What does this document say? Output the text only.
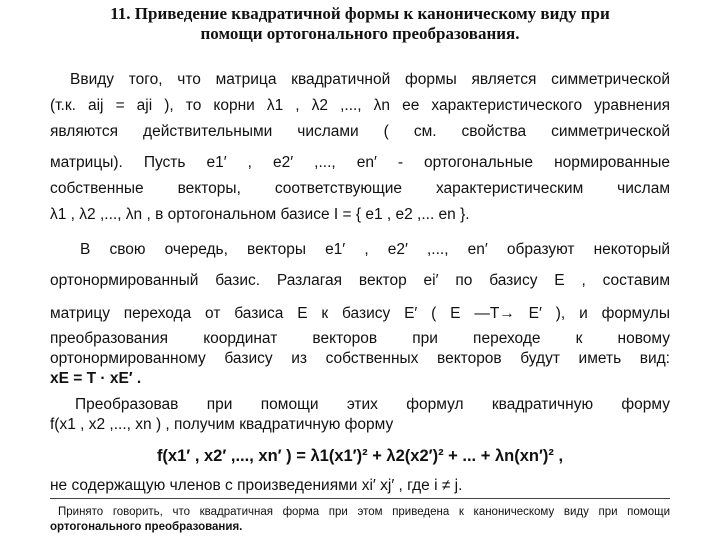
11. Приведение квадратичной формы к каноническому виду при
помощи ортогонального преобразования.
Ввиду того, что матрица квадратичной формы является симметрической
(т.к. aij = aji ), то корни λ1 , λ2 ,..., λn ее характеристического уравнения
являются действительными числами ( см. свойства симметрической
матрицы). Пусть e1′ , e2′ ,..., en′ - ортогональные нормированные
собственные векторы, соответствующие характеристическим числам
λ1 , λ2 ,..., λn , в ортогональном базисе I = { e1 , e2 ,... en }.
В свою очередь, векторы e1′ , e2′ ,..., en′ образуют некоторый
ортонормированный базис. Разлагая вектор ei′ по базису E , составим
матрицу перехода от базиса E к базису E′ ( E —T→ E′ ), и формулы
преобразования координат векторов при переходе к новому
ортонормированному базису из собственных векторов будут иметь вид:
xE = T · xE′ .
Преобразовав при помощи этих формул квадратичную форму
f(x1 , x2 ,..., xn ) , получим квадратичную форму
f(x1′ , x2′ ,..., xn′ ) = λ1(x1′)² + λ2(x2′)² + ... + λn(xn′)² ,
не содержащую членов с произведениями xi′ xj′ , где i ≠ j.
Принято говорить, что квадратичная форма при этом приведена к каноническому виду при помощи
ортогонального преобразования.
